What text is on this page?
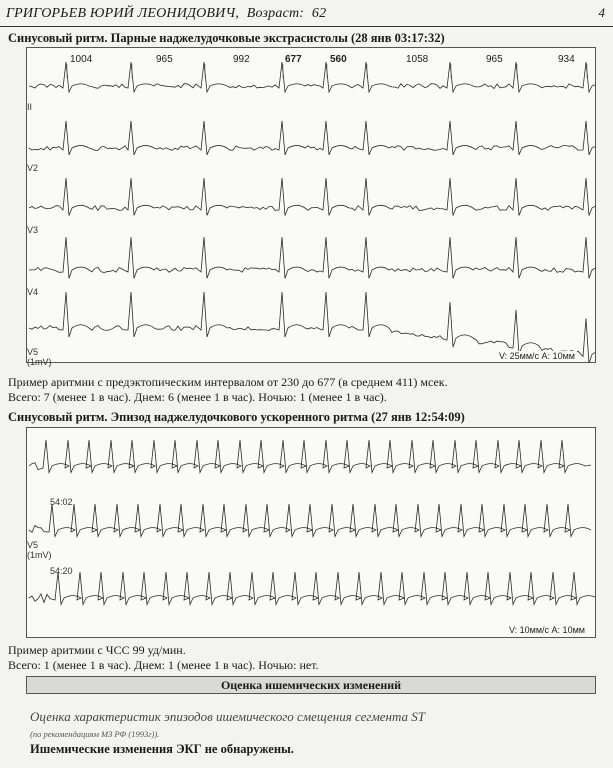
ГРИГОРЬЕВ ЮРИЙ ЛЕОНИДОВИЧ, Возраст: 62	4
Синусовый ритм. Парные наджелудочковые экстрасистолы (28 янв 03:17:32)
1004	965	992	677	560	1058	965	934
II
V2
V3
V4
V5
(1mV)
V: 25мм/с A: 10мм
Пример аритмии с предэктопическим интервалом от 230 до 677 (в среднем 411) мсек.
Всего: 7 (менее 1 в час). Днем: 6 (менее 1 в час). Ночью: 1 (менее 1 в час).
Синусовый ритм. Эпизод наджелудочкового ускоренного ритма (27 янв 12:54:09)
54:02
54:20
V5
(1mV)
V: 10мм/с A: 10мм
Пример аритмии с ЧСС 99 уд/мин.
Всего: 1 (менее 1 в час). Днем: 1 (менее 1 в час). Ночью: нет.
Оценка ишемических изменений
Оценка характеристик эпизодов ишемического смещения сегмента ST
(по рекомендациям МЗ РФ (1993г)).
Ишемические изменения ЭКГ не обнаружены.
